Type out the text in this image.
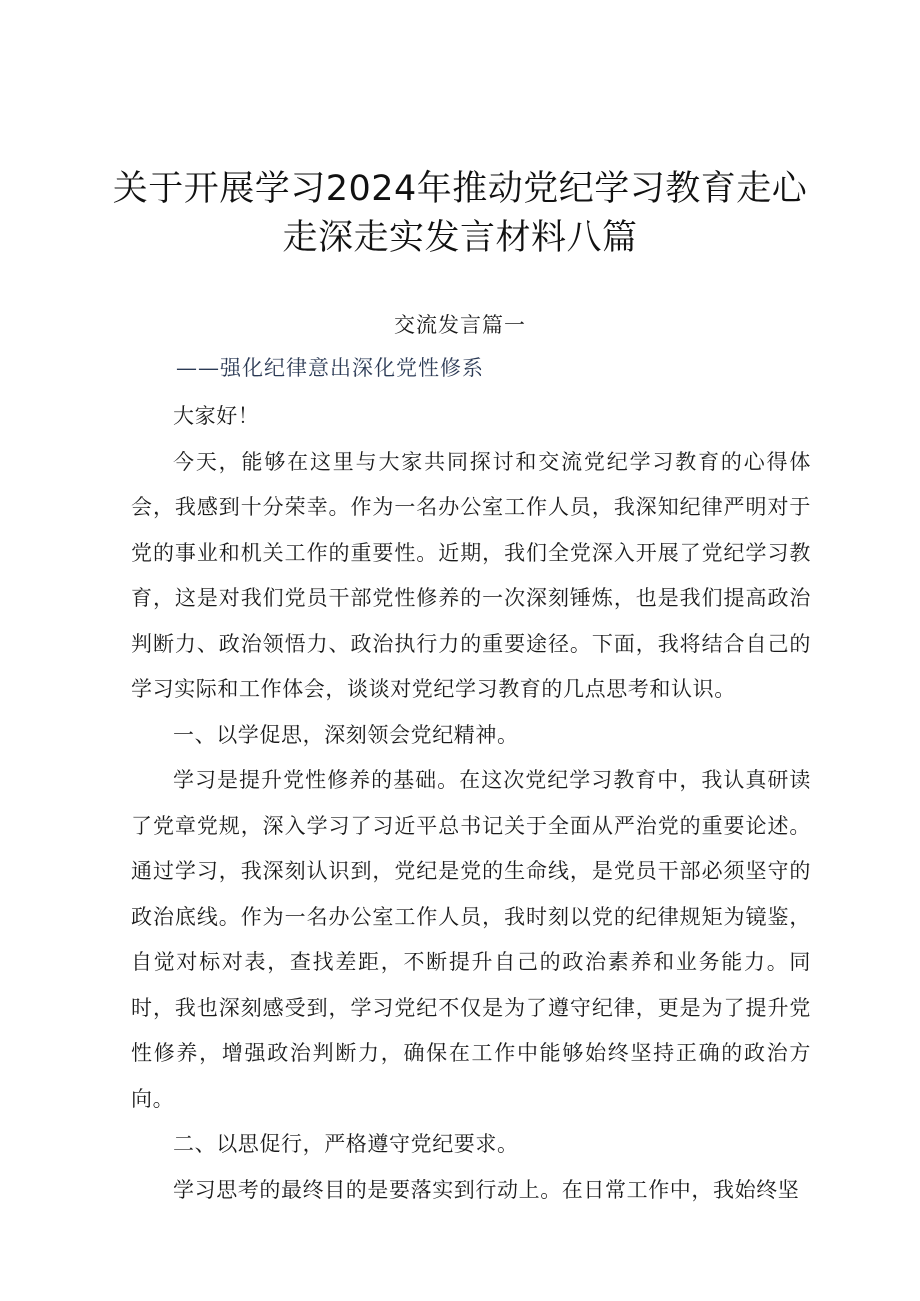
关于开展学习2024年推动党纪学习教育走心
走深走实发言材料八篇
交流发言篇一
——强化纪律意出深化党性修系

大家好！

今天，能够在这里与大家共同探讨和交流党纪学习教育的心得体会，我感到十分荣幸。作为一名办公室工作人员，我深知纪律严明对于党的事业和机关工作的重要性。近期，我们全党深入开展了党纪学习教育，这是对我们党员干部党性修养的一次深刻锤炼，也是我们提高政治判断力、政治领悟力、政治执行力的重要途径。下面，我将结合自己的学习实际和工作体会，谈谈对党纪学习教育的几点思考和认识。

一、以学促思，深刻领会党纪精神。

学习是提升党性修养的基础。在这次党纪学习教育中，我认真研读了党章党规，深入学习了习近平总书记关于全面从严治党的重要论述。通过学习，我深刻认识到，党纪是党的生命线，是党员干部必须坚守的政治底线。作为一名办公室工作人员，我时刻以党的纪律规矩为镜鉴，自觉对标对表，查找差距，不断提升自己的政治素养和业务能力。同时，我也深刻感受到，学习党纪不仅是为了遵守纪律，更是为了提升党性修养，增强政治判断力，确保在工作中能够始终坚持正确的政治方向。

二、以思促行，严格遵守党纪要求。

学习思考的最终目的是要落实到行动上。在日常工作中，我始终坚
